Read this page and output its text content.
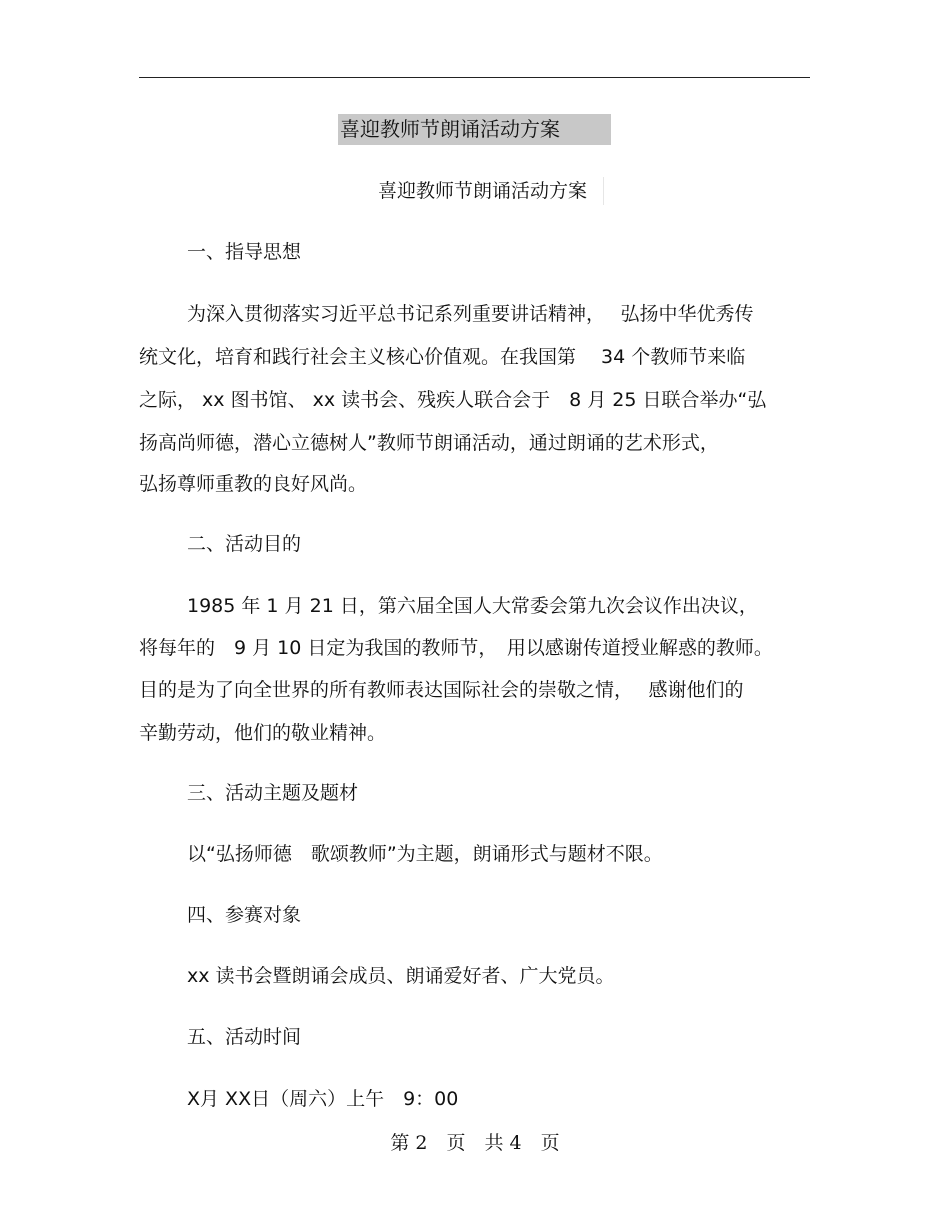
喜迎教师节朗诵活动方案
喜迎教师节朗诵活动方案
一、指导思想
为深入贯彻落实习近平总书记系列重要讲话精神，　 弘扬中华优秀传
统文化，培育和践行社会主义核心价值观。在我国第　 34 个教师节来临
之际， xx 图书馆、 xx 读书会、残疾人联合会于　8 月 25 日联合举办“弘
扬高尚师德，潜心立德树人”教师节朗诵活动，通过朗诵的艺术形式，
弘扬尊师重教的良好风尚。
二、活动目的
1985 年 1 月 21 日，第六届全国人大常委会第九次会议作出决议，
将每年的　9 月 10 日定为我国的教师节，　用以感谢传道授业解惑的教师。
目的是为了向全世界的所有教师表达国际社会的崇敬之情，　 感谢他们的
辛勤劳动，他们的敬业精神。
三、活动主题及题材
以“弘扬师德　歌颂教师”为主题，朗诵形式与题材不限。
四、参赛对象
xx 读书会暨朗诵会成员、朗诵爱好者、广大党员。
五、活动时间
X月 XX日（周六）上午　9：00
第 2　页　共 4　页
